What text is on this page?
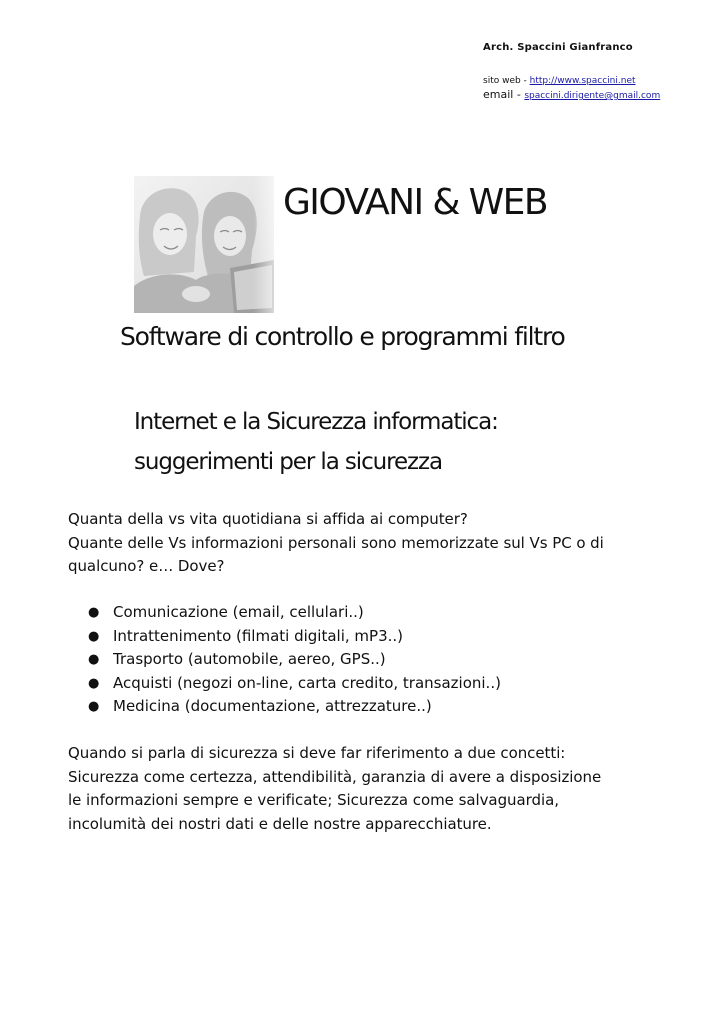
Arch. Spaccini Gianfranco
sito web - http://www.spaccini.net
email - spaccini.dirigente@gmail.com
GIOVANI & WEB
Software di controllo e programmi filtro
Internet e la Sicurezza informatica:
suggerimenti per la sicurezza

Quanta della vs vita quotidiana si affida ai computer?
Quante delle Vs informazioni personali sono memorizzate sul Vs PC o di
qualcuno? e… Dove?

● Comunicazione (email, cellulari..)
● Intrattenimento (filmati digitali, mP3..)
● Trasporto (automobile, aereo, GPS..)
● Acquisti (negozi on-line, carta credito, transazioni..)
● Medicina (documentazione, attrezzature..)

Quando si parla di sicurezza si deve far riferimento a due concetti:
Sicurezza come certezza, attendibilità, garanzia di avere a disposizione
le informazioni sempre e verificate; Sicurezza come salvaguardia,
incolumità dei nostri dati e delle nostre apparecchiature.
